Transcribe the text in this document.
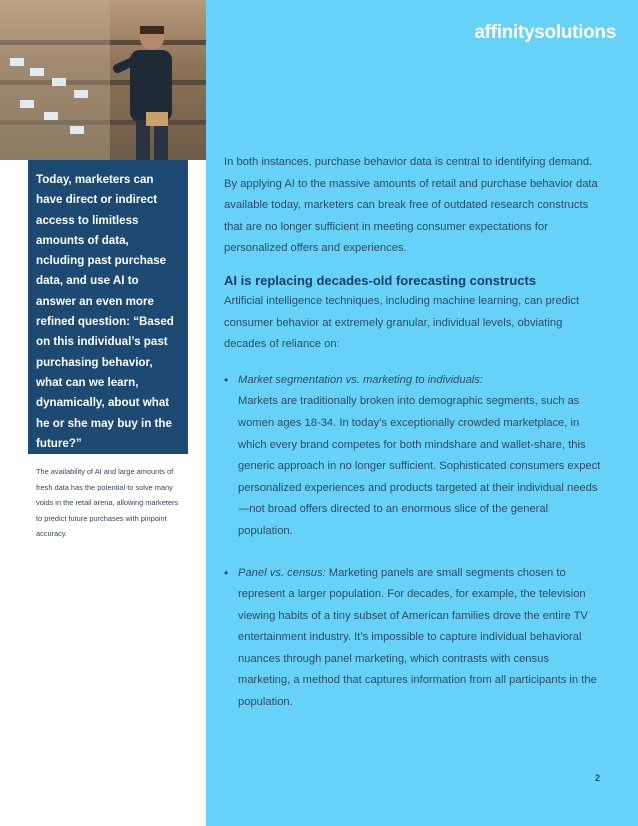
affinitysolutions

Today, marketers can have direct or indirect access to limitless amounts of data, ncluding past purchase data, and use AI to answer an even more refined question: “Based on this individual’s past purchasing behavior, what can we learn, dynamically, about what he or she may buy in the future?”

The availability of AI and large amounts of fresh data has the potential to solve many voids in the retail arena, allowing marketers to predict future purchases with pinpoint accuracy.

In both instances, purchase behavior data is central to identifying demand. By applying AI to the massive amounts of retail and purchase behavior data available today, marketers can break free of outdated research constructs that are no longer sufficient in meeting consumer expectations for personalized offers and experiences.

AI is replacing decades-old forecasting constructs

Artificial intelligence techniques, including machine learning, can predict consumer behavior at extremely granular, individual levels, obviating decades of reliance on:

• Market segmentation vs. marketing to individuals:
Markets are traditionally broken into demographic segments, such as women ages 18-34. In today’s exceptionally crowded marketplace, in which every brand competes for both mindshare and wallet-share, this generic approach in no longer sufficient. Sophisticated consumers expect personalized experiences and products targeted at their individual needs—not broad offers directed to an enormous slice of the general population.
• Panel vs. census: Marketing panels are small segments chosen to represent a larger population. For decades, for example, the television viewing habits of a tiny subset of American families drove the entire TV entertainment industry. It’s impossible to capture individual behavioral nuances through panel marketing, which contrasts with census marketing, a method that captures information from all participants in the population.
2
